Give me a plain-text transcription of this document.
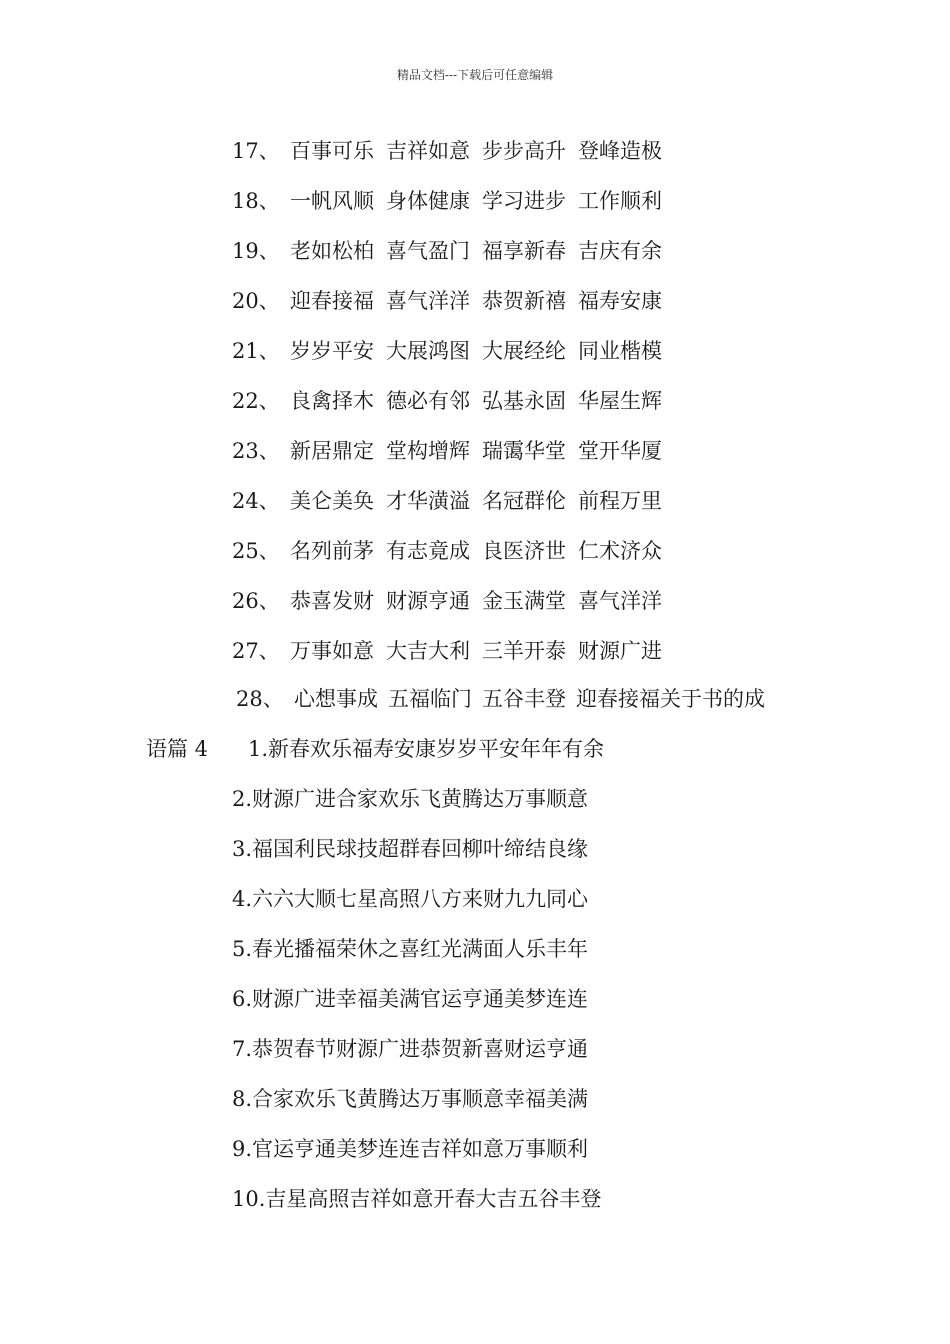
精品文档---下载后可任意编辑
17、 百事可乐 吉祥如意 步步高升 登峰造极
18、 一帆风顺 身体健康 学习进步 工作顺利
19、 老如松柏 喜气盈门 福享新春 吉庆有余
20、 迎春接福 喜气洋洋 恭贺新禧 福寿安康
21、 岁岁平安 大展鸿图 大展经纶 同业楷模
22、 良禽择木 德必有邻 弘基永固 华屋生辉
23、 新居鼎定 堂构增辉 瑞霭华堂 堂开华厦
24、 美仑美奂 才华潢溢 名冠群伦 前程万里
25、 名列前茅 有志竟成 良医济世 仁术济众
26、 恭喜发财 财源亨通 金玉满堂 喜气洋洋
27、 万事如意 大吉大利 三羊开泰 财源广进
28、 心想事成 五福临门 五谷丰登 迎春接福关于书的成
语篇 4 1.新春欢乐福寿安康岁岁平安年年有余
2.财源广进合家欢乐飞黄腾达万事顺意
3.福国利民球技超群春回柳叶缔结良缘
4.六六大顺七星高照八方来财九九同心
5.春光播福荣休之喜红光满面人乐丰年
6.财源广进幸福美满官运亨通美梦连连
7.恭贺春节财源广进恭贺新喜财运亨通
8.合家欢乐飞黄腾达万事顺意幸福美满
9.官运亨通美梦连连吉祥如意万事顺利
10.吉星高照吉祥如意开春大吉五谷丰登
